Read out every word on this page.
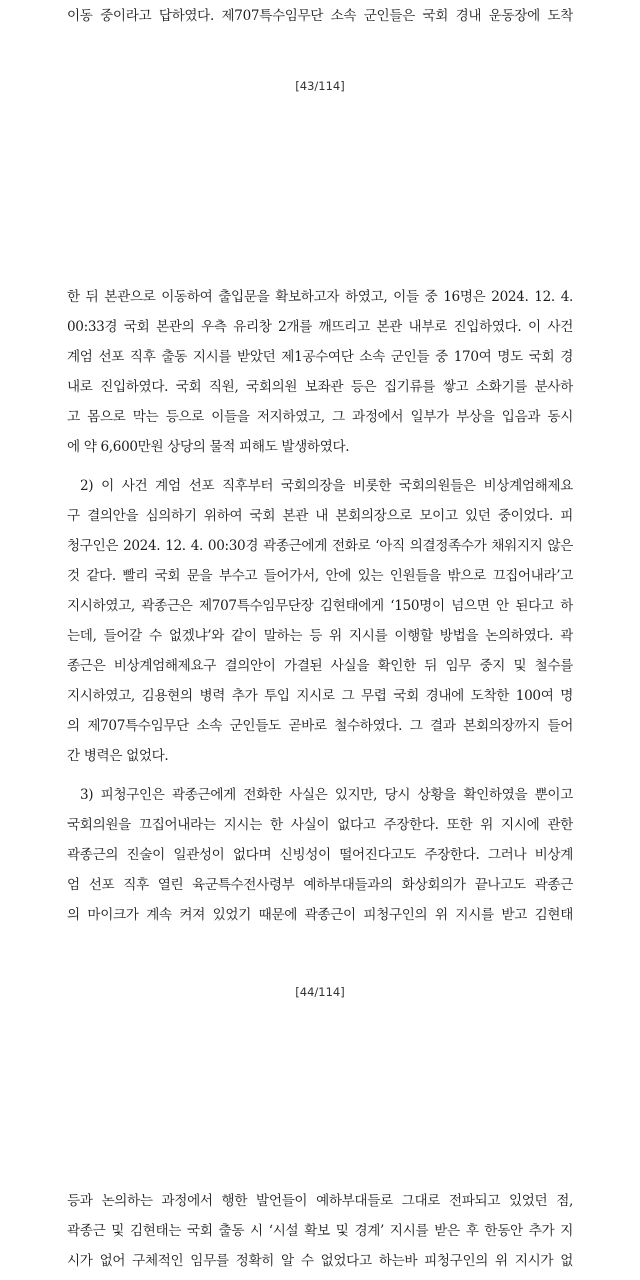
이동 중이라고 답하였다. 제707특수임무단 소속 군인들은 국회 경내 운동장에 도착
[43/114]
한 뒤 본관으로 이동하여 출입문을 확보하고자 하였고, 이들 중 16명은 2024. 12. 4.
00:33경 국회 본관의 우측 유리창 2개를 깨뜨리고 본관 내부로 진입하였다. 이 사건
계엄 선포 직후 출동 지시를 받았던 제1공수여단 소속 군인들 중 170여 명도 국회 경
내로 진입하였다. 국회 직원, 국회의원 보좌관 등은 집기류를 쌓고 소화기를 분사하
고 몸으로 막는 등으로 이들을 저지하였고, 그 과정에서 일부가 부상을 입음과 동시
에 약 6,600만원 상당의 물적 피해도 발생하였다.
2) 이 사건 계엄 선포 직후부터 국회의장을 비롯한 국회의원들은 비상계엄해제요
구 결의안을 심의하기 위하여 국회 본관 내 본회의장으로 모이고 있던 중이었다. 피
청구인은 2024. 12. 4. 00:30경 곽종근에게 전화로 ‘아직 의결정족수가 채워지지 않은
것 같다. 빨리 국회 문을 부수고 들어가서, 안에 있는 인원들을 밖으로 끄집어내라’고
지시하였고, 곽종근은 제707특수임무단장 김현태에게 ‘150명이 넘으면 안 된다고 하
는데, 들어갈 수 없겠냐’와 같이 말하는 등 위 지시를 이행할 방법을 논의하였다. 곽
종근은 비상계엄해제요구 결의안이 가결된 사실을 확인한 뒤 임무 중지 및 철수를
지시하였고, 김용현의 병력 추가 투입 지시로 그 무렵 국회 경내에 도착한 100여 명
의 제707특수임무단 소속 군인들도 곧바로 철수하였다. 그 결과 본회의장까지 들어
간 병력은 없었다.
3) 피청구인은 곽종근에게 전화한 사실은 있지만, 당시 상황을 확인하였을 뿐이고
국회의원을 끄집어내라는 지시는 한 사실이 없다고 주장한다. 또한 위 지시에 관한
곽종근의 진술이 일관성이 없다며 신빙성이 떨어진다고도 주장한다. 그러나 비상계
엄 선포 직후 열린 육군특수전사령부 예하부대들과의 화상회의가 끝나고도 곽종근
의 마이크가 계속 켜져 있었기 때문에 곽종근이 피청구인의 위 지시를 받고 김현태
[44/114]
등과 논의하는 과정에서 행한 발언들이 예하부대들로 그대로 전파되고 있었던 점,
곽종근 및 김현태는 국회 출동 시 ‘시설 확보 및 경계’ 지시를 받은 후 한동안 추가 지
시가 없어 구체적인 임무를 정확히 알 수 없었다고 하는바 피청구인의 위 지시가 없
